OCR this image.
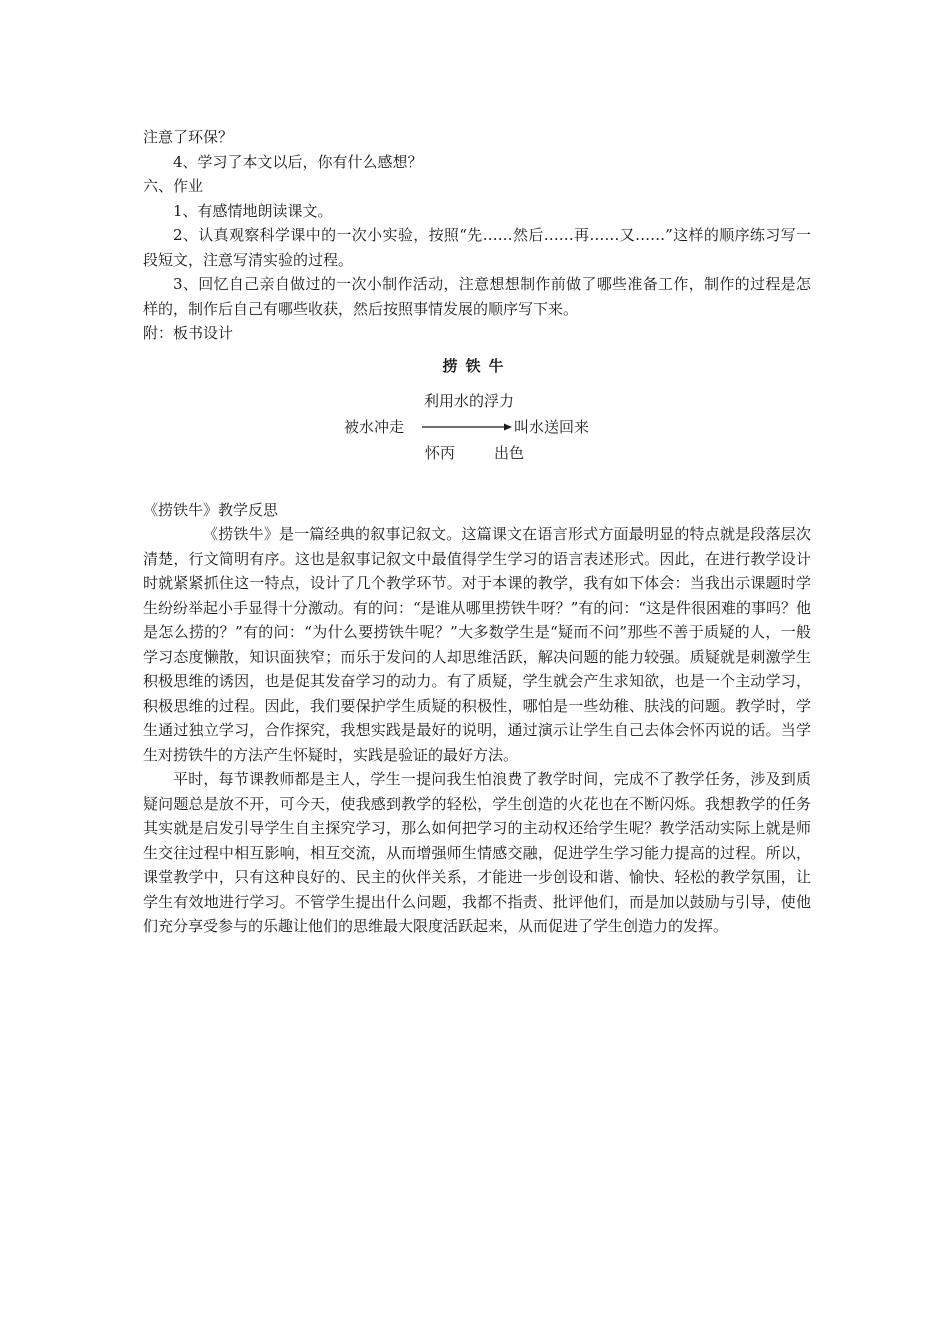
注意了环保？
4、学习了本文以后，你有什么感想？
六、作业
1、有感情地朗读课文。

2、认真观察科学课中的一次小实验，按照“先……然后……再……又……”这样的顺序练习写一段短文，注意写清实验的过程。

3、回忆自己亲自做过的一次小制作活动，注意想想制作前做了哪些准备工作，制作的过程是怎样的，制作后自己有哪些收获，然后按照事情发展的顺序写下来。

附：板书设计
捞铁牛
利用水的浮力
被水冲走	叫水送回来
怀丙	出色
《捞铁牛》教学反思

《捞铁牛》是一篇经典的叙事记叙文。这篇课文在语言形式方面最明显的特点就是段落层次清楚，行文简明有序。这也是叙事记叙文中最值得学生学习的语言表述形式。因此，在进行教学设计时就紧紧抓住这一特点，设计了几个教学环节。对于本课的教学，我有如下体会：当我出示课题时学生纷纷举起小手显得十分激动。有的问：“是谁从哪里捞铁牛呀？”有的问：“这是件很困难的事吗？他是怎么捞的？”有的问：“为什么要捞铁牛呢？”大多数学生是“疑而不问”那些不善于质疑的人，一般学习态度懒散，知识面狭窄；而乐于发问的人却思维活跃，解决问题的能力较强。质疑就是刺激学生积极思维的诱因，也是促其发奋学习的动力。有了质疑，学生就会产生求知欲，也是一个主动学习，积极思维的过程。因此，我们要保护学生质疑的积极性，哪怕是一些幼稚、肤浅的问题。教学时，学生通过独立学习，合作探究，我想实践是最好的说明，通过演示让学生自己去体会怀丙说的话。当学生对捞铁牛的方法产生怀疑时，实践是验证的最好方法。

平时，每节课教师都是主人，学生一提问我生怕浪费了教学时间，完成不了教学任务，涉及到质疑问题总是放不开，可今天，使我感到教学的轻松，学生创造的火花也在不断闪烁。我想教学的任务其实就是启发引导学生自主探究学习，那么如何把学习的主动权还给学生呢？教学活动实际上就是师生交往过程中相互影响，相互交流，从而增强师生情感交融，促进学生学习能力提高的过程。所以，课堂教学中，只有这种良好的、民主的伙伴关系，才能进一步创设和谐、愉快、轻松的教学氛围，让学生有效地进行学习。不管学生提出什么问题，我都不指责、批评他们，而是加以鼓励与引导，使他们充分享受参与的乐趣让他们的思维最大限度活跃起来，从而促进了学生创造力的发挥。
